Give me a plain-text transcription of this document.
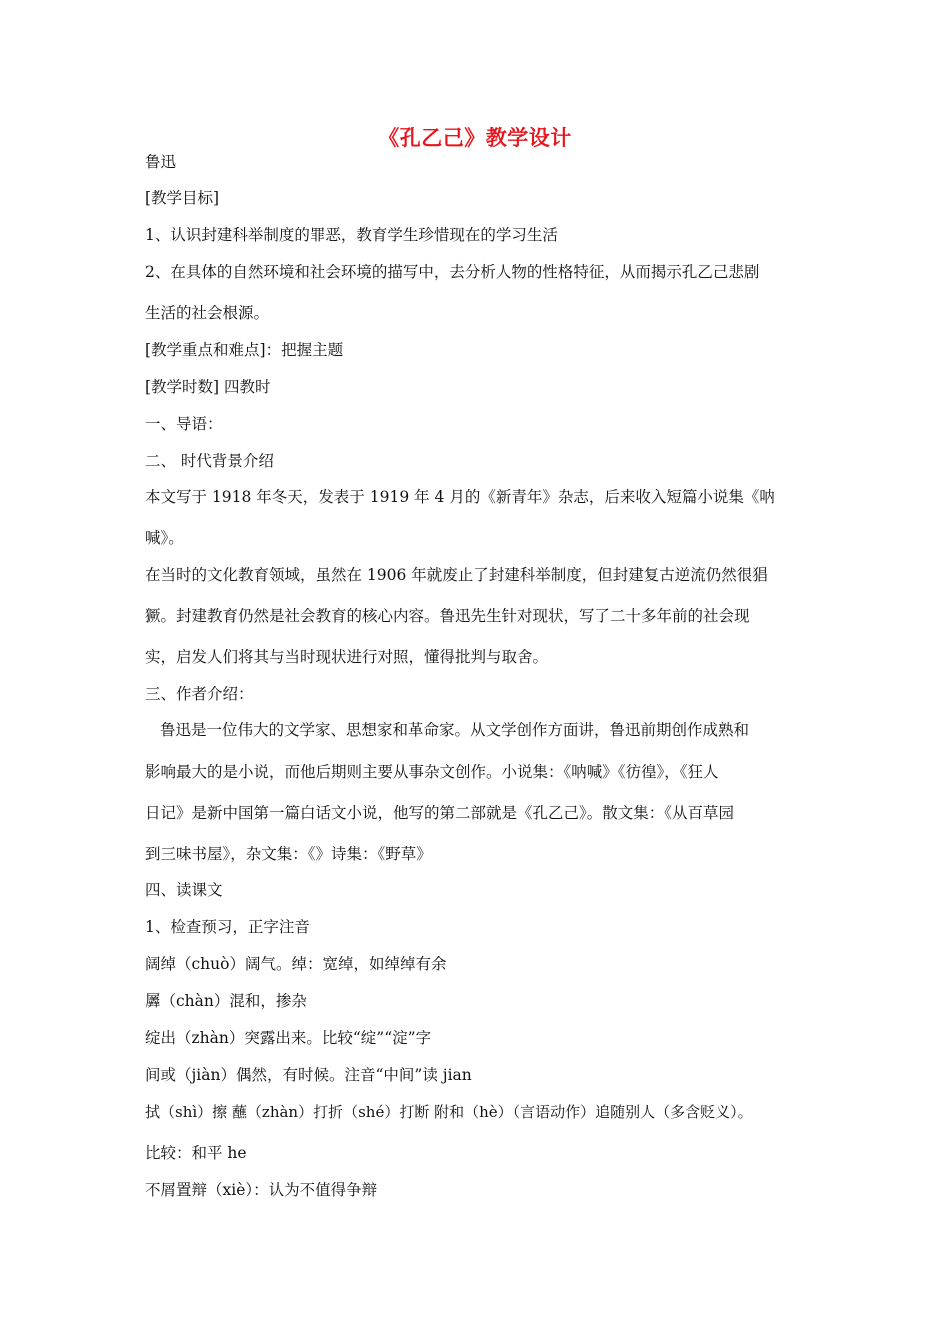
《孔乙己》教学设计
鲁迅
[教学目标]
1、认识封建科举制度的罪恶，教育学生珍惜现在的学习生活
2、在具体的自然环境和社会环境的描写中，去分析人物的性格特征，从而揭示孔乙己悲剧
生活的社会根源。
[教学重点和难点]：把握主题
[教学时数] 四教时
一、导语：
二、 时代背景介绍
本文写于 1918 年冬天，发表于 1919 年 4 月的《新青年》杂志，后来收入短篇小说集《呐
喊》。
在当时的文化教育领域，虽然在 1906 年就废止了封建科举制度，但封建复古逆流仍然很猖
獗。封建教育仍然是社会教育的核心内容。鲁迅先生针对现状，写了二十多年前的社会现
实，启发人们将其与当时现状进行对照，懂得批判与取舍。
三、作者介绍：
鲁迅是一位伟大的文学家、思想家和革命家。从文学创作方面讲，鲁迅前期创作成熟和
影响最大的是小说，而他后期则主要从事杂文创作。小说集：《呐喊》《彷徨》，《狂人
日记》是新中国第一篇白话文小说，他写的第二部就是《孔乙己》。散文集：《从百草园
到三味书屋》，杂文集：《》诗集：《野草》
四、读课文
1、检查预习，正字注音
阔绰（chuò）阔气。绰：宽绰，如绰绰有余
羼（chàn）混和，掺杂
绽出（zhàn）突露出来。比较“绽”“淀”字
间或（jiàn）偶然，有时候。注音“中间”读 jian
拭（shì）擦 蘸（zhàn）打折（shé）打断 附和（hè）（言语动作）追随别人（多含贬义）。
比较：和平 he
不屑置辩（xiè）：认为不值得争辩
